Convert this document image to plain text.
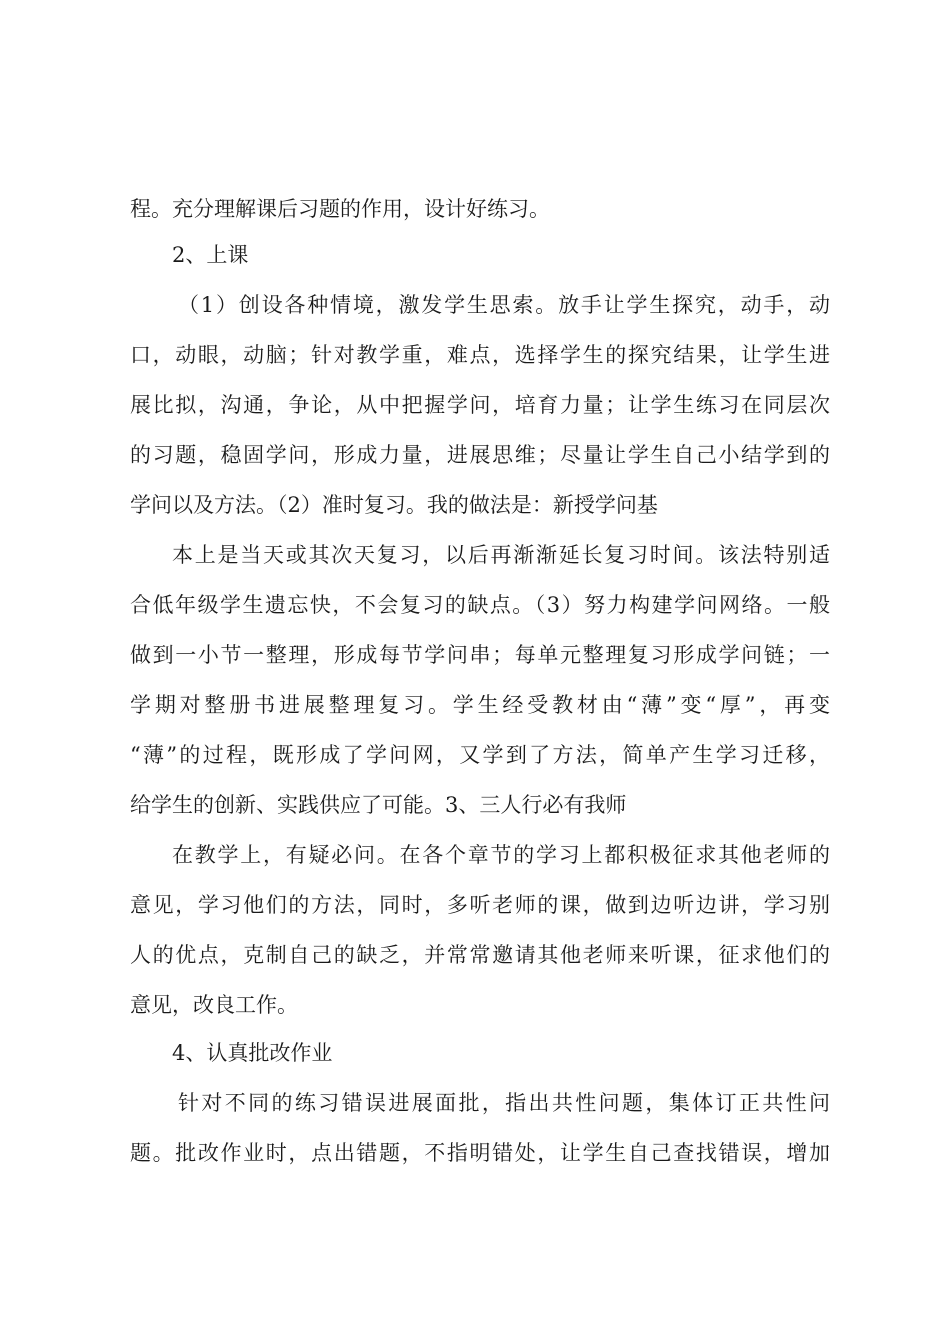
程。充分理解课后习题的作用，设计好练习。
2、上课
（1）创设各种情境，激发学生思索。放手让学生探究，动手，动
口，动眼，动脑；针对教学重，难点，选择学生的探究结果，让学生进
展比拟，沟通，争论，从中把握学问，培育力量；让学生练习在同层次
的习题，稳固学问，形成力量，进展思维；尽量让学生自己小结学到的
学问以及方法。（2）准时复习。我的做法是：新授学问基
本上是当天或其次天复习，以后再渐渐延长复习时间。该法特别适
合低年级学生遗忘快，不会复习的缺点。（3）努力构建学问网络。一般
做到一小节一整理，形成每节学问串；每单元整理复习形成学问链；一
学期对整册书进展整理复习。学生经受教材由“薄”变“厚”，再变
“薄”的过程，既形成了学问网，又学到了方法，简单产生学习迁移，
给学生的创新、实践供应了可能。3、三人行必有我师
在教学上，有疑必问。在各个章节的学习上都积极征求其他老师的
意见，学习他们的方法，同时，多听老师的课，做到边听边讲，学习别
人的优点，克制自己的缺乏，并常常邀请其他老师来听课，征求他们的
意见，改良工作。
4、认真批改作业
针对不同的练习错误进展面批，指出共性问题，集体订正共性问
题。批改作业时，点出错题，不指明错处，让学生自己查找错误，增加
